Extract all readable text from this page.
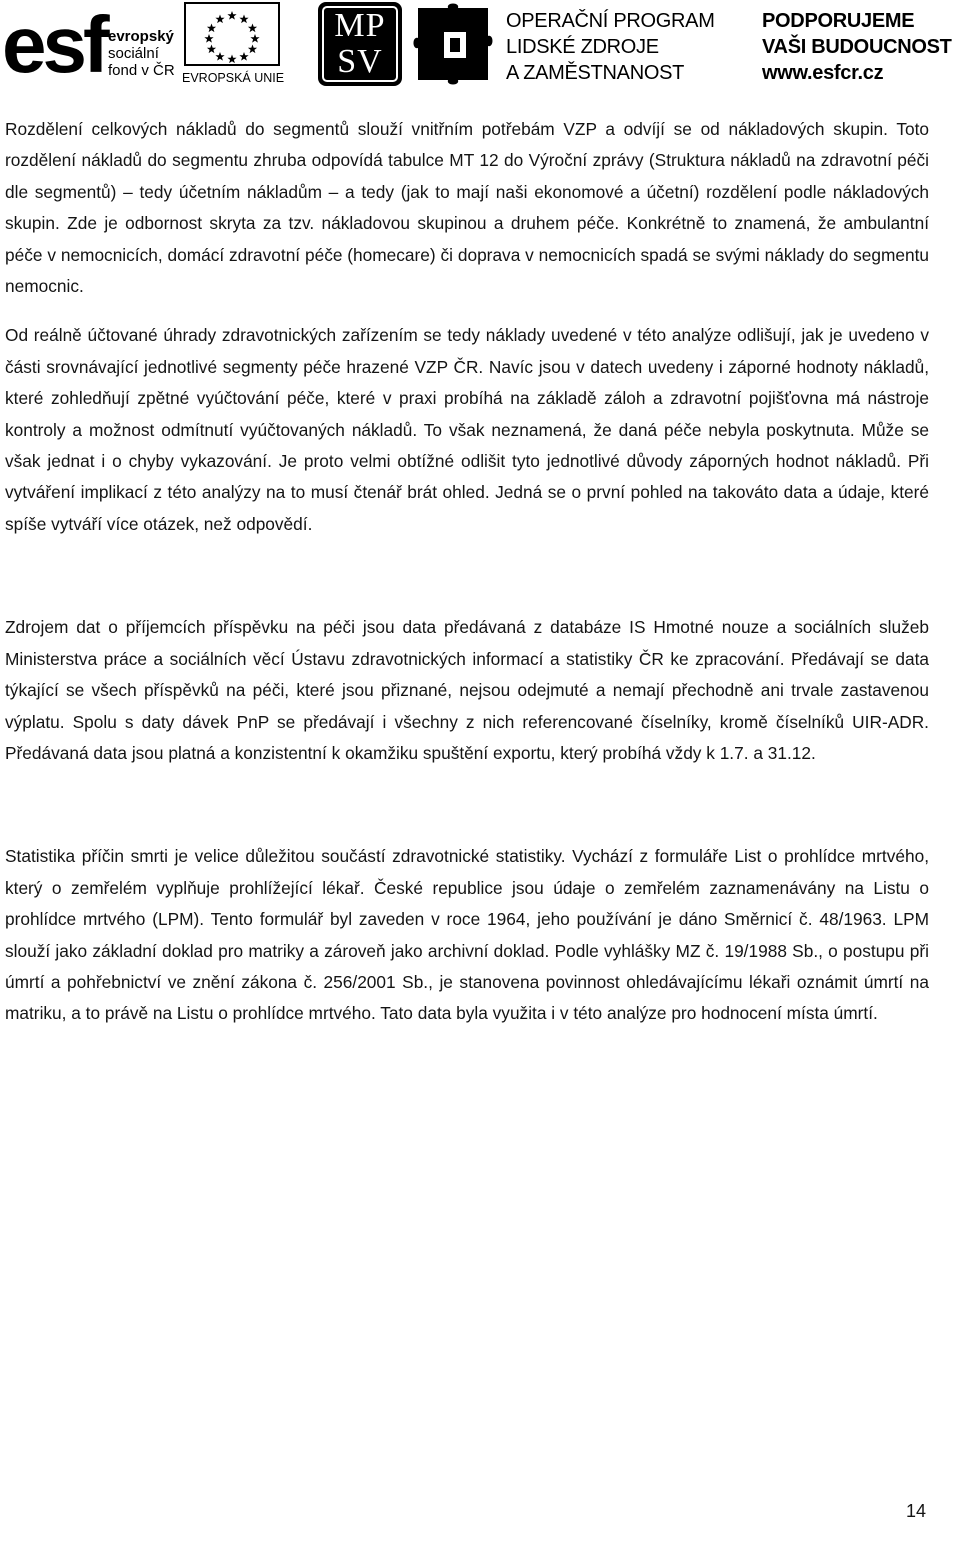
esf evropský
sociální
fond v ČR EVROPSKÁ UNIE
MP
SV
OPERAČNÍ PROGRAM
LIDSKÉ ZDROJE
A ZAMĚSTNANOST
PODPORUJEME
VAŠI BUDOUCNOST
www.esfcr.cz

Rozdělení celkových nákladů do segmentů slouží vnitřním potřebám VZP a odvíjí se od nákladových skupin. Toto rozdělení nákladů do segmentu zhruba odpovídá tabulce MT 12 do Výroční zprávy (Struktura nákladů na zdravotní péči dle segmentů) – tedy účetním nákladům – a tedy (jak to mají naši ekonomové a účetní) rozdělení podle nákladových skupin. Zde je odbornost skryta za tzv. nákladovou skupinou a druhem péče. Konkrétně to znamená, že ambulantní péče v nemocnicích, domácí zdravotní péče (homecare) či doprava v nemocnicích spadá se svými náklady do segmentu nemocnic.

Od reálně účtované úhrady zdravotnických zařízením se tedy náklady uvedené v této analýze odlišují, jak je uvedeno v části srovnávající jednotlivé segmenty péče hrazené VZP ČR. Navíc jsou v datech uvedeny i záporné hodnoty nákladů, které zohledňují zpětné vyúčtování péče, které v praxi probíhá na základě záloh a zdravotní pojišťovna má nástroje kontroly a možnost odmítnutí vyúčtovaných nákladů. To však neznamená, že daná péče nebyla poskytnuta. Může se však jednat i o chyby vykazování. Je proto velmi obtížné odlišit tyto jednotlivé důvody záporných hodnot nákladů. Při vytváření implikací z této analýzy na to musí čtenář brát ohled. Jedná se o první pohled na takováto data a údaje, které spíše vytváří více otázek, než odpovědí.

Zdrojem dat o příjemcích příspěvku na péči jsou data předávaná z databáze IS Hmotné nouze a sociálních služeb Ministerstva práce a sociálních věcí Ústavu zdravotnických informací a statistiky ČR ke zpracování. Předávají se data týkající se všech příspěvků na péči, které jsou přiznané, nejsou odejmuté a nemají přechodně ani trvale zastavenou výplatu. Spolu s daty dávek PnP se předávají i všechny z nich referencované číselníky, kromě číselníků UIR-ADR. Předávaná data jsou platná a konzistentní k okamžiku spuštění exportu, který probíhá vždy k 1.7. a 31.12.

Statistika příčin smrti je velice důležitou součástí zdravotnické statistiky. Vychází z formuláře List o prohlídce mrtvého, který o zemřelém vyplňuje prohlížející lékař. České republice jsou údaje o zemřelém zaznamenávány na Listu o prohlídce mrtvého (LPM). Tento formulář byl zaveden v roce 1964, jeho používání je dáno Směrnicí č. 48/1963. LPM slouží jako základní doklad pro matriky a zároveň jako archivní doklad. Podle vyhlášky MZ č. 19/1988 Sb., o postupu při úmrtí a pohřebnictví ve znění zákona č. 256/2001 Sb., je stanovena povinnost ohledávajícímu lékaři oznámit úmrtí na matriku, a to právě na Listu o prohlídce mrtvého. Tato data byla využita i v této analýze pro hodnocení místa úmrtí.

14
